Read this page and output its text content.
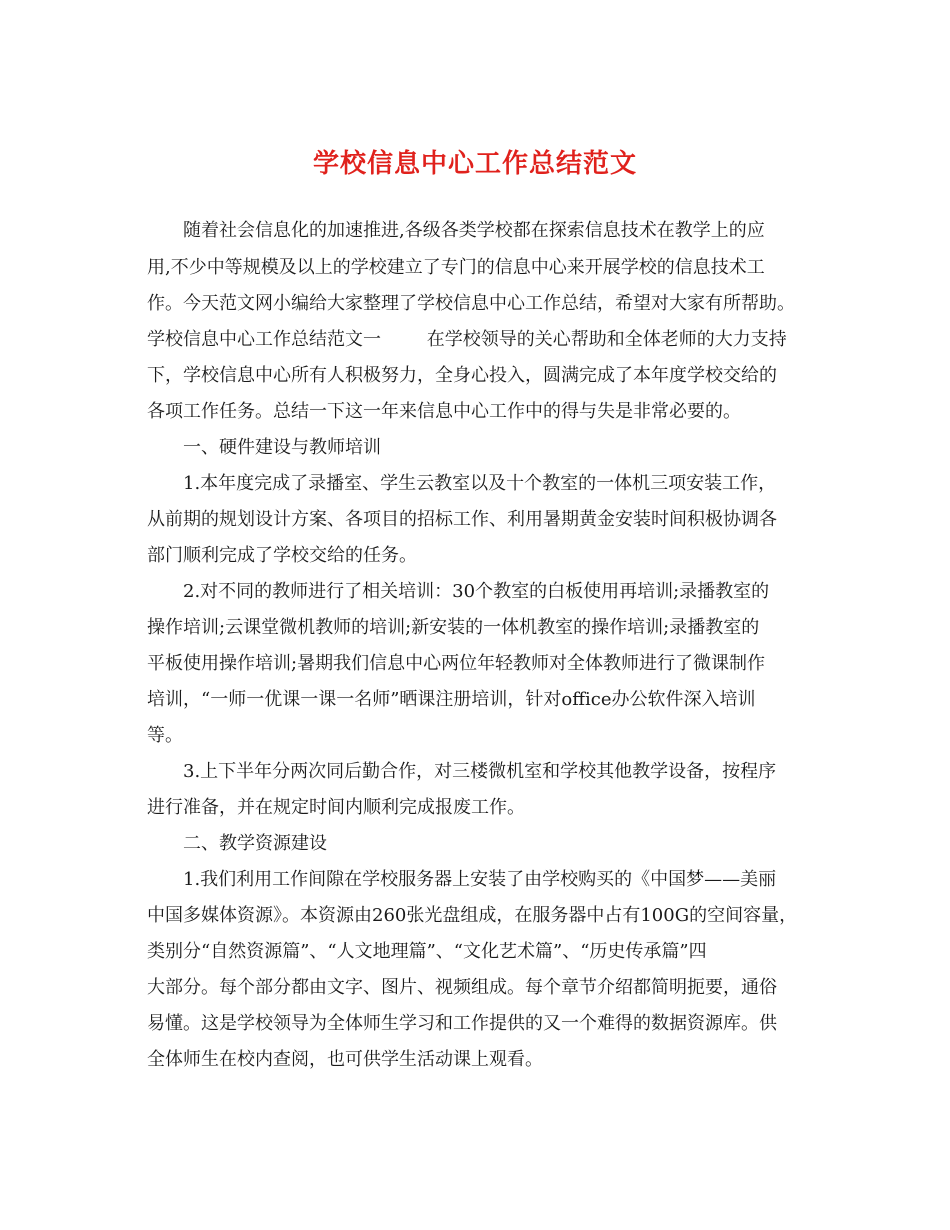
学校信息中心工作总结范文
随着社会信息化的加速推进,各级各类学校都在探索信息技术在教学上的应
用,不少中等规模及以上的学校建立了专门的信息中心来开展学校的信息技术工
作。今天范文网小编给大家整理了学校信息中心工作总结，希望对大家有所帮助。
学校信息中心工作总结范文一        在学校领导的关心帮助和全体老师的大力支持
下，学校信息中心所有人积极努力，全身心投入，圆满完成了本年度学校交给的
各项工作任务。总结一下这一年来信息中心工作中的得与失是非常必要的。
一、硬件建设与教师培训
1.本年度完成了录播室、学生云教室以及十个教室的一体机三项安装工作，
从前期的规划设计方案、各项目的招标工作、利用暑期黄金安装时间积极协调各
部门顺利完成了学校交给的任务。
2.对不同的教师进行了相关培训：30个教室的白板使用再培训;录播教室的
操作培训;云课堂微机教师的培训;新安装的一体机教室的操作培训;录播教室的
平板使用操作培训;暑期我们信息中心两位年轻教师对全体教师进行了微课制作
培训，“一师一优课一课一名师”晒课注册培训，针对office办公软件深入培训
等。
3.上下半年分两次同后勤合作，对三楼微机室和学校其他教学设备，按程序
进行准备，并在规定时间内顺利完成报废工作。
二、教学资源建设
1.我们利用工作间隙在学校服务器上安装了由学校购买的《中国梦——美丽
中国多媒体资源》。本资源由260张光盘组成，在服务器中占有100G的空间容量，
类别分“自然资源篇”、“人文地理篇”、“文化艺术篇”、“历史传承篇”四
大部分。每个部分都由文字、图片、视频组成。每个章节介绍都简明扼要，通俗
易懂。这是学校领导为全体师生学习和工作提供的又一个难得的数据资源库。供
全体师生在校内查阅，也可供学生活动课上观看。
